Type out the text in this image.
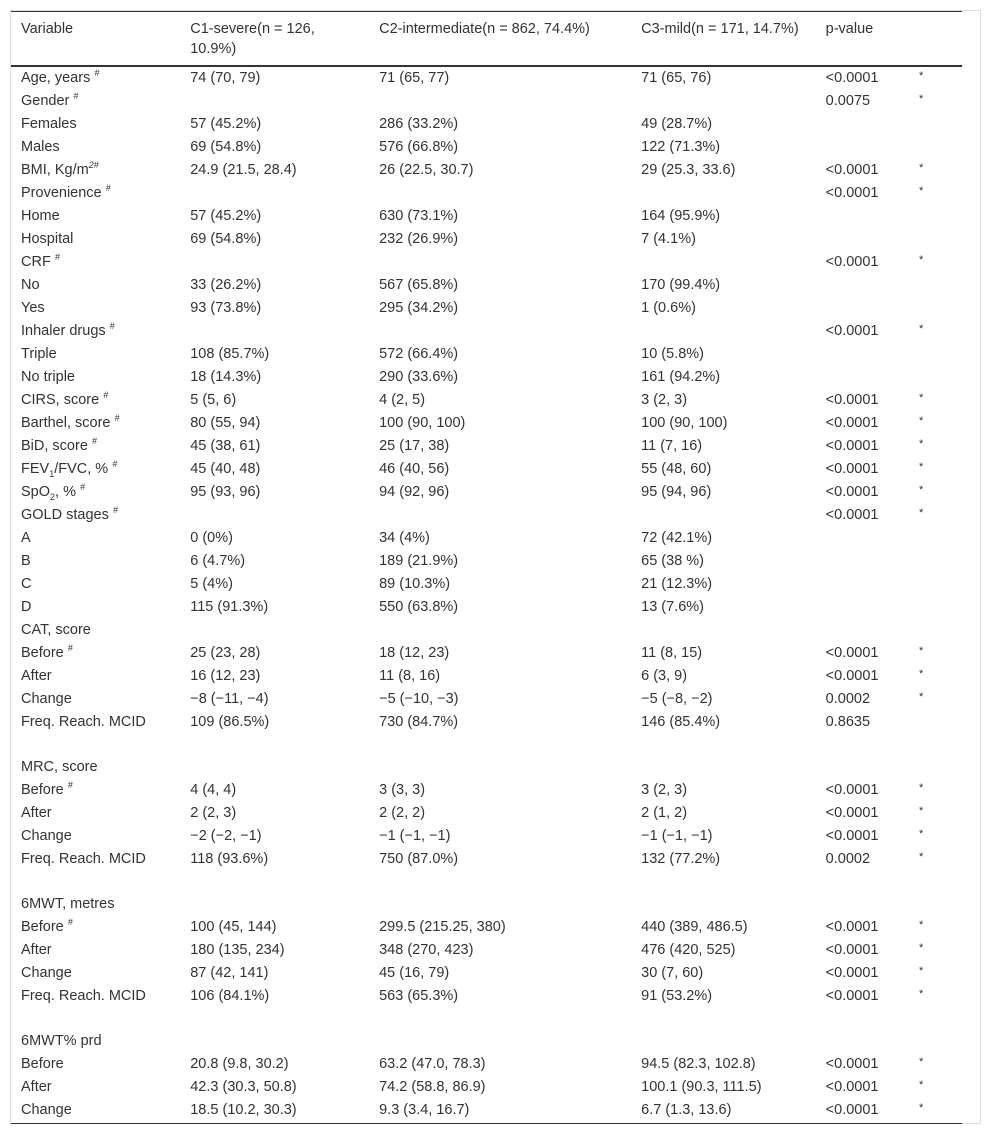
Variable	C1-severe(n = 126, 10.9%)	C2-intermediate(n = 862, 74.4%)	C3-mild(n = 171, 14.7%)	p-value	
Age, years #	74 (70, 79)	71 (65, 77)	71 (65, 76)	<0.0001	*
Gender #				0.0075	*
Females	57 (45.2%)	286 (33.2%)	49 (28.7%)		
Males	69 (54.8%)	576 (66.8%)	122 (71.3%)		
BMI, $Kg/m^{2\#}$	24.9 (21.5, 28.4)	26 (22.5, 30.7)	29 (25.3, 33.6)	<0.0001	*
Provenience #				<0.0001	*
Home	57 (45.2%)	630 (73.1%)	164 (95.9%)		
Hospital	69 (54.8%)	232 (26.9%)	7 (4.1%)		
CRF #				<0.0001	*
No	33 (26.2%)	567 (65.8%)	170 (99.4%)		
Yes	93 (73.8%)	295 (34.2%)	1 (0.6%)		
Inhaler drugs #				<0.0001	*
Triple	108 (85.7%)	572 (66.4%)	10 (5.8%)		
No triple	18 (14.3%)	290 (33.6%)	161 (94.2%)		
CIRS, score #	5 (5, 6)	4 (2, 5)	3 (2, 3)	<0.0001	*
Barthel, score #	80 (55, 94)	100 (90, 100)	100 (90, 100)	<0.0001	*
BiD, score #	45 (38, 61)	25 (17, 38)	11 (7, 16)	<0.0001	*
$FEV_1$/FVC, % #	45 (40, 48)	46 (40, 56)	55 (48, 60)	<0.0001	*
SpO$_2$, % #	95 (93, 96)	94 (92, 96)	95 (94, 96)	<0.0001	*
GOLD stages #				<0.0001	*
A	0 (0%)	34 (4%)	72 (42.1%)		
B	6 (4.7%)	189 (21.9%)	65 (38 %)		
C	5 (4%)	89 (10.3%)	21 (12.3%)		
D	115 (91.3%)	550 (63.8%)	13 (7.6%)		
CAT, score					
Before #	25 (23, 28)	18 (12, 23)	11 (8, 15)	<0.0001	*
After	16 (12, 23)	11 (8, 16)	6 (3, 9)	<0.0001	*
Change	−8 (−11, −4)	−5 (−10, −3)	−5 (−8, −2)	0.0002	*
Freq. Reach. MCID	109 (86.5%)	730 (84.7%)	146 (85.4%)	0.8635	
MRC, score					
Before #	4 (4, 4)	3 (3, 3)	3 (2, 3)	<0.0001	*
After	2 (2, 3)	2 (2, 2)	2 (1, 2)	<0.0001	*
Change	−2 (−2, −1)	−1 (−1, −1)	−1 (−1, −1)	<0.0001	*
Freq. Reach. MCID	118 (93.6%)	750 (87.0%)	132 (77.2%)	0.0002	*
6MWT, metres					
Before #	100 (45, 144)	299.5 (215.25, 380)	440 (389, 486.5)	<0.0001	*
After	180 (135, 234)	348 (270, 423)	476 (420, 525)	<0.0001	*
Change	87 (42, 141)	45 (16, 79)	30 (7, 60)	<0.0001	*
Freq. Reach. MCID	106 (84.1%)	563 (65.3%)	91 (53.2%)	<0.0001	*
6MWT% prd					
Before	20.8 (9.8, 30.2)	63.2 (47.0, 78.3)	94.5 (82.3, 102.8)	<0.0001	*
After	42.3 (30.3, 50.8)	74.2 (58.8, 86.9)	100.1 (90.3, 111.5)	<0.0001	*
Change	18.5 (10.2, 30.3)	9.3 (3.4, 16.7)	6.7 (1.3, 13.6)	<0.0001	*
